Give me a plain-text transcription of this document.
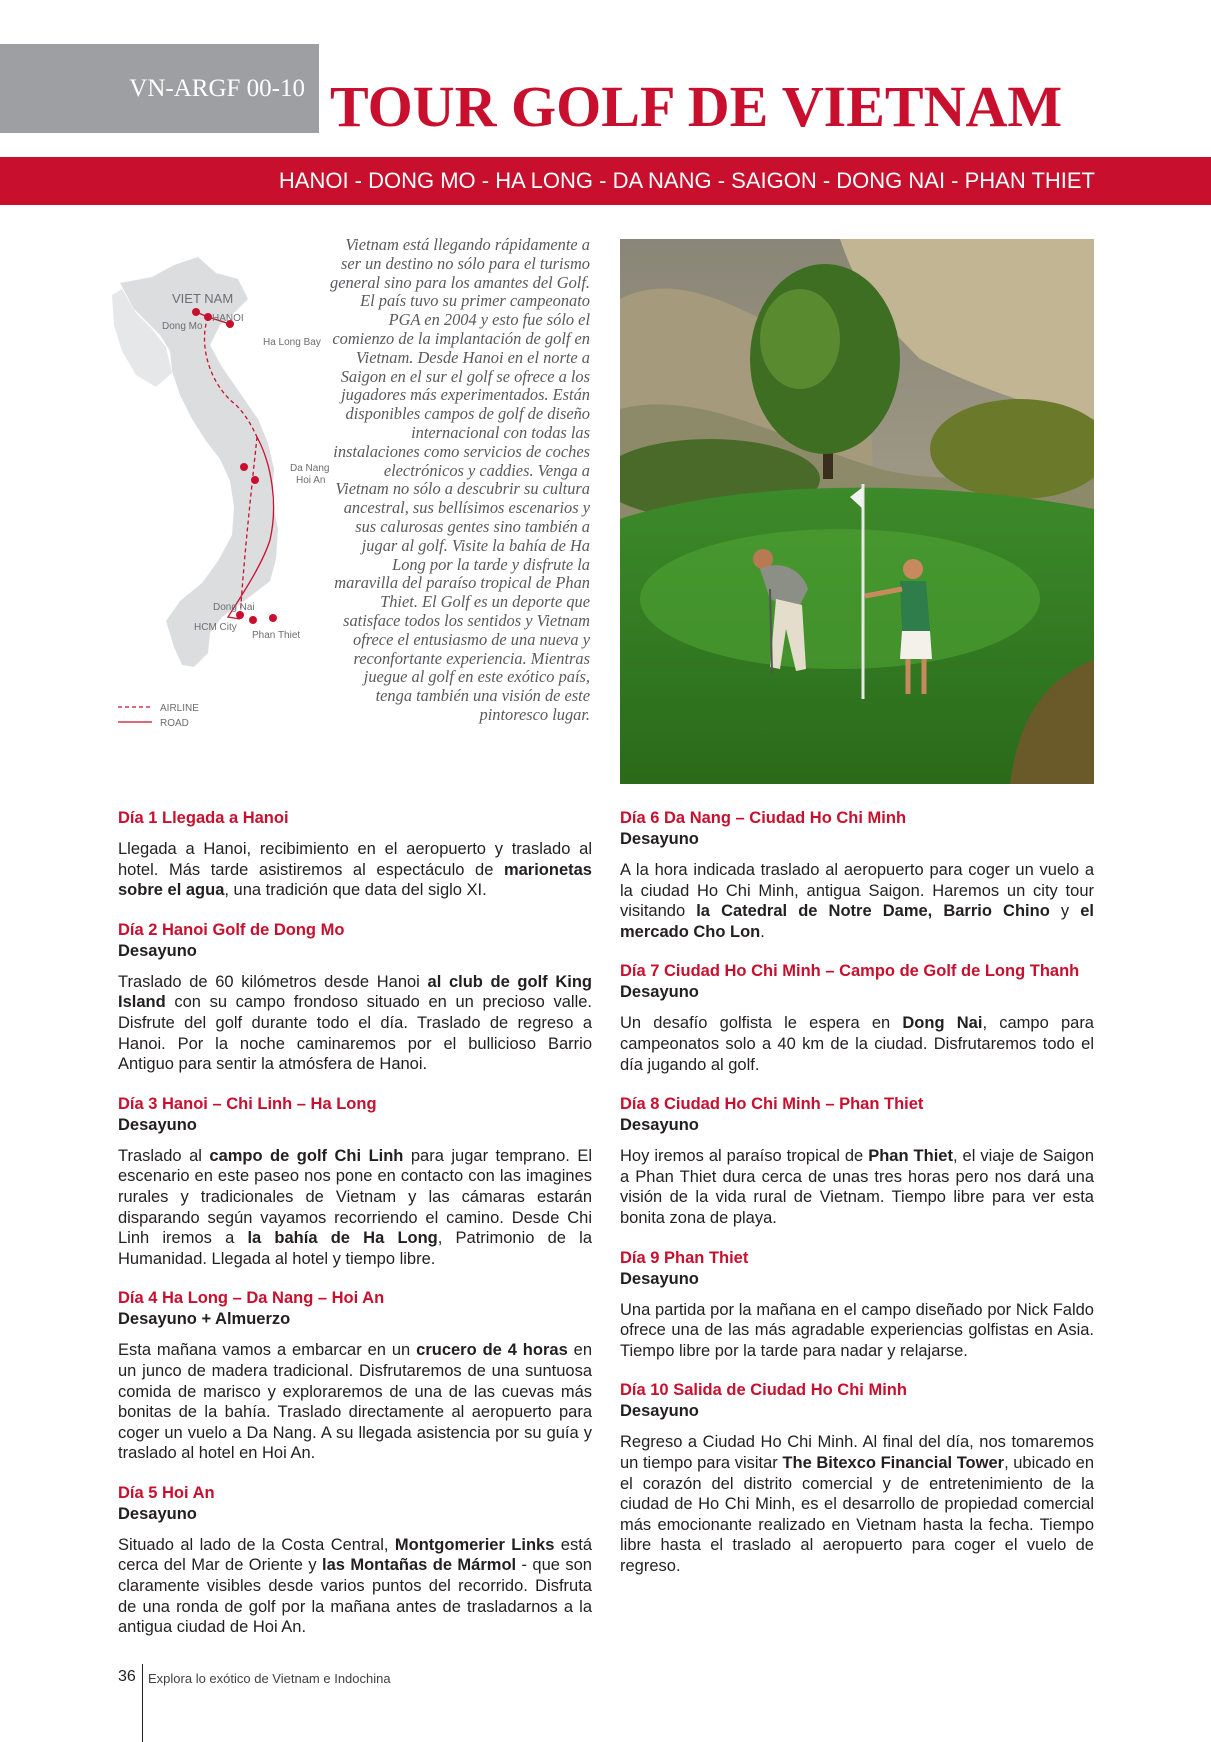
VN-ARGF 00-10 TOUR GOLF DE VIETNAM
HANOI - DONG MO - HA LONG - DA NANG - SAIGON - DONG NAI - PHAN THIET
VIET NAM
HANOI
Dong Mo
Ha Long Bay
Da Nang
Hoi An
Dong Nai
HCM City
Phan Thiet
AIRLINE
ROAD

Vietnam está llegando rápidamente a ser un destino no sólo para el turismo general sino para los amantes del Golf. El país tuvo su primer campeonato PGA en 2004 y esto fue sólo el comienzo de la implantación de golf en Vietnam. Desde Hanoi en el norte a Saigon en el sur el golf se ofrece a los jugadores más experimentados. Están disponibles campos de golf de diseño internacional con todas las instalaciones como servicios de coches electrónicos y caddies. Venga a Vietnam no sólo a descubrir su cultura ancestral, sus bellísimos escenarios y sus calurosas gentes sino también a jugar al golf. Visite la bahía de Ha Long por la tarde y disfrute la maravilla del paraíso tropical de Phan Thiet. El Golf es un deporte que satisface todos los sentidos y Vietnam ofrece el entusiasmo de una nueva y reconfortante experiencia. Mientras juegue al golf en este exótico país, tenga también una visión de este pintoresco lugar.

Día 1 Llegada a Hanoi

Llegada a Hanoi, recibimiento en el aeropuerto y traslado al hotel. Más tarde asistiremos al espectáculo de marionetas sobre el agua, una tradición que data del siglo XI.

Día 2 Hanoi Golf de Dong Mo
Desayuno

Traslado de 60 kilómetros desde Hanoi al club de golf King Island con su campo frondoso situado en un precioso valle. Disfrute del golf durante todo el día. Traslado de regreso a Hanoi. Por la noche caminaremos por el bullicioso Barrio Antiguo para sentir la atmósfera de Hanoi.

Día 3 Hanoi – Chi Linh – Ha Long
Desayuno

Traslado al campo de golf Chi Linh para jugar temprano. El escenario en este paseo nos pone en contacto con las imagines rurales y tradicionales de Vietnam y las cámaras estarán disparando según vayamos recorriendo el camino. Desde Chi Linh iremos a la bahía de Ha Long, Patrimonio de la Humanidad. Llegada al hotel y tiempo libre.

Día 4 Ha Long – Da Nang – Hoi An
Desayuno + Almuerzo

Esta mañana vamos a embarcar en un crucero de 4 horas en un junco de madera tradicional. Disfrutaremos de una suntuosa comida de marisco y exploraremos de una de las cuevas más bonitas de la bahía. Traslado directamente al aeropuerto para coger un vuelo a Da Nang. A su llegada asistencia por su guía y traslado al hotel en Hoi An.

Día 5 Hoi An
Desayuno

Situado al lado de la Costa Central, Montgomerier Links está cerca del Mar de Oriente y las Montañas de Mármol - que son claramente visibles desde varios puntos del recorrido. Disfruta de una ronda de golf por la mañana antes de trasladarnos a la antigua ciudad de Hoi An.

Día 6 Da Nang – Ciudad Ho Chi Minh
Desayuno

A la hora indicada traslado al aeropuerto para coger un vuelo a la ciudad Ho Chi Minh, antigua Saigon. Haremos un city tour visitando la Catedral de Notre Dame, Barrio Chino y el mercado Cho Lon.

Día 7 Ciudad Ho Chi Minh – Campo de Golf de Long Thanh
Desayuno

Un desafío golfista le espera en Dong Nai, campo para campeonatos solo a 40 km de la ciudad. Disfrutaremos todo el día jugando al golf.

Día 8 Ciudad Ho Chi Minh – Phan Thiet
Desayuno

Hoy iremos al paraíso tropical de Phan Thiet, el viaje de Saigon a Phan Thiet dura cerca de unas tres horas pero nos dará una visión de la vida rural de Vietnam. Tiempo libre para ver esta bonita zona de playa.

Día 9 Phan Thiet
Desayuno

Una partida por la mañana en el campo diseñado por Nick Faldo ofrece una de las más agradable experiencias golfistas en Asia. Tiempo libre por la tarde para nadar y relajarse.

Día 10 Salida de Ciudad Ho Chi Minh
Desayuno

Regreso a Ciudad Ho Chi Minh. Al final del día, nos tomaremos un tiempo para visitar The Bitexco Financial Tower, ubicado en el corazón del distrito comercial y de entretenimiento de la ciudad de Ho Chi Minh, es el desarrollo de propiedad comercial más emocionante realizado en Vietnam hasta la fecha. Tiempo libre hasta el traslado al aeropuerto para coger el vuelo de regreso.

36 Explora lo exótico de Vietnam e Indochina
